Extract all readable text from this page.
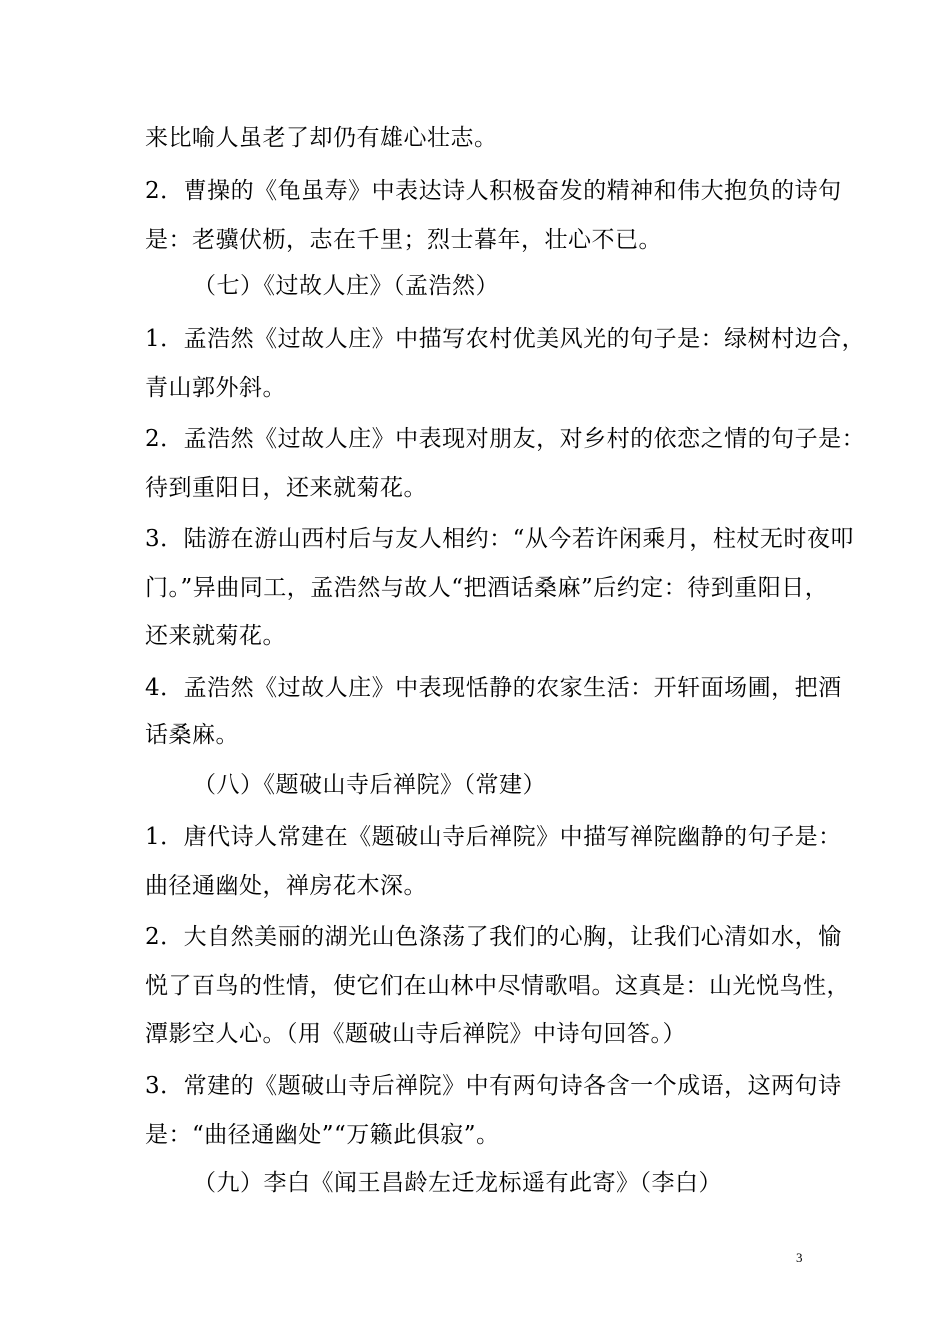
来比喻人虽老了却仍有雄心壮志。
2．曹操的《龟虽寿》中表达诗人积极奋发的精神和伟大抱负的诗句
是：老骥伏枥，志在千里；烈士暮年，壮心不已。
（七）《过故人庄》（孟浩然）
1．孟浩然《过故人庄》中描写农村优美风光的句子是：绿树村边合，
青山郭外斜。
2．孟浩然《过故人庄》中表现对朋友，对乡村的依恋之情的句子是：
待到重阳日，还来就菊花。
3．陆游在游山西村后与友人相约：“从今若许闲乘月，柱杖无时夜叩
门。”异曲同工，孟浩然与故人“把酒话桑麻”后约定：待到重阳日，
还来就菊花。
4．孟浩然《过故人庄》中表现恬静的农家生活：开轩面场圃，把酒
话桑麻。
（八）《题破山寺后禅院》（常建）
1．唐代诗人常建在《题破山寺后禅院》中描写禅院幽静的句子是：
曲径通幽处，禅房花木深。
2．大自然美丽的湖光山色涤荡了我们的心胸，让我们心清如水，愉
悦了百鸟的性情，使它们在山林中尽情歌唱。这真是：山光悦鸟性，
潭影空人心。（用《题破山寺后禅院》中诗句回答。）
3．常建的《题破山寺后禅院》中有两句诗各含一个成语，这两句诗
是：“曲径通幽处”“万籁此俱寂”。
（九）李白《闻王昌龄左迁龙标遥有此寄》（李白）
3
